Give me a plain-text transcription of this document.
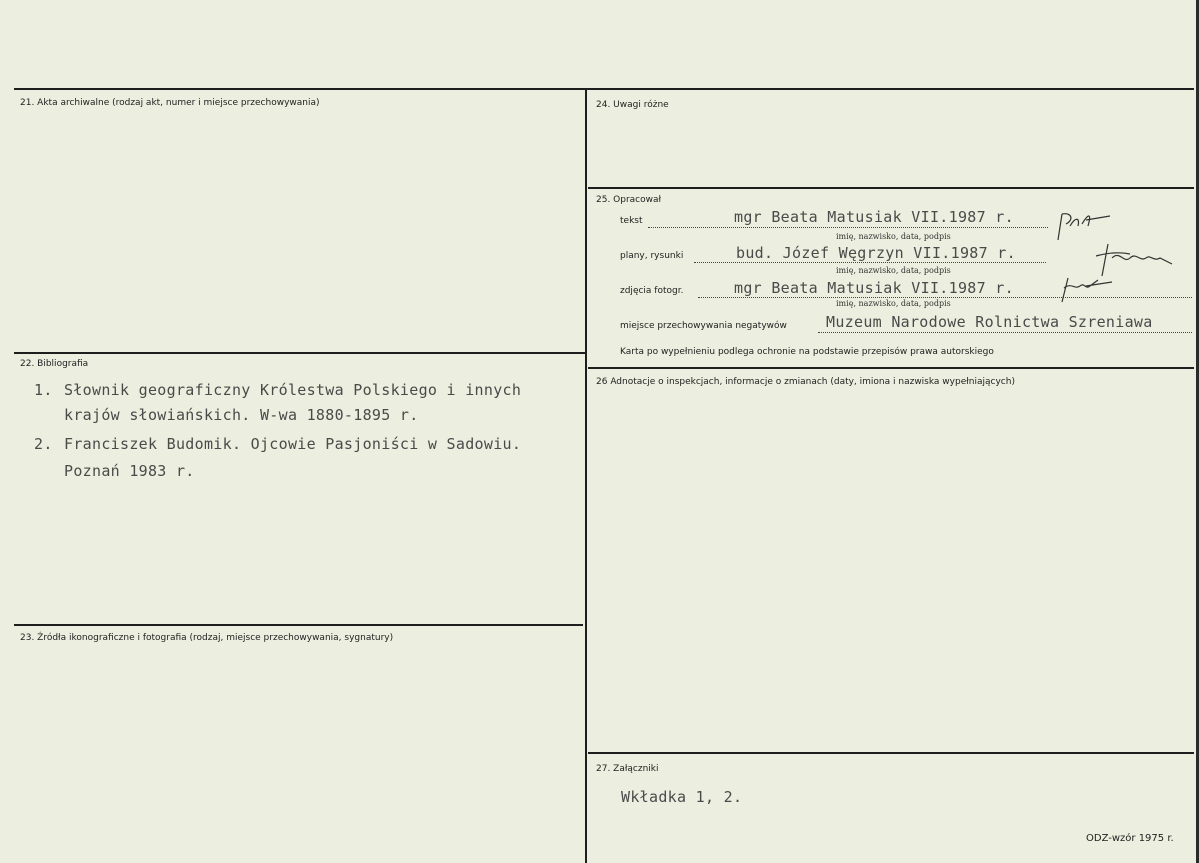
21. Akta archiwalne (rodzaj akt, numer i miejsce przechowywania)
22. Bibliografia
1. Słownik geograficzny Królestwa Polskiego i innych
krajów słowiańskich. W-wa 1880-1895 r.
2. Franciszek Budomik. Ojcowie Pasjoniści w Sadowiu.
Poznań 1983 r.
23. Źródła ikonograficzne i fotografia (rodzaj, miejsce przechowywania, sygnatury)
24. Uwagi różne
25. Opracował
tekst	mgr Beata Matusiak VII.1987 r.
imię, nazwisko, data, podpis
plany, rysunki	bud. Józef Węgrzyn VII.1987 r.
imię, nazwisko, data, podpis
zdjęcia fotogr.	mgr Beata Matusiak VII.1987 r.
imię, nazwisko, data, podpis
miejsce przechowywania negatywów	Muzeum Narodowe Rolnictwa Szreniawa
Karta po wypełnieniu podlega ochronie na podstawie przepisów prawa autorskiego
26 Adnotacje o inspekcjach, informacje o zmianach (daty, imiona i nazwiska wypełniających)
27. Załączniki
Wkładka 1, 2.
ODZ-wzór 1975 r.
